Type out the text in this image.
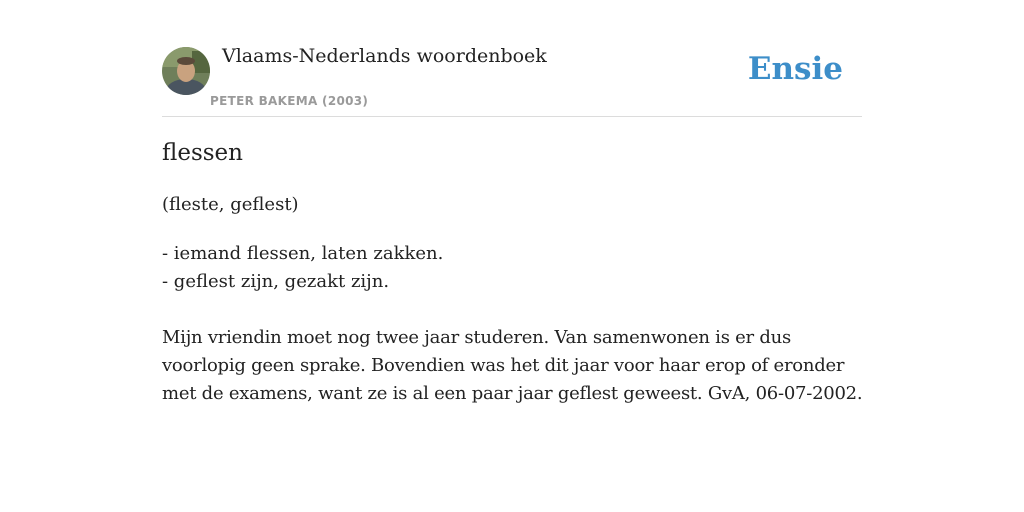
Vlaams-Nederlands woordenboek
PETER BAKEMA (2003)
Ensie
flessen
(fleste, geflest)
- iemand flessen, laten zakken.
- geflest zijn, gezakt zijn.
Mijn vriendin moet nog twee jaar studeren. Van samenwonen is er dus voorlopig geen sprake. Bovendien was het dit jaar voor haar erop of eronder met de examens, want ze is al een paar jaar geflest geweest. GvA, 06-07-2002.
